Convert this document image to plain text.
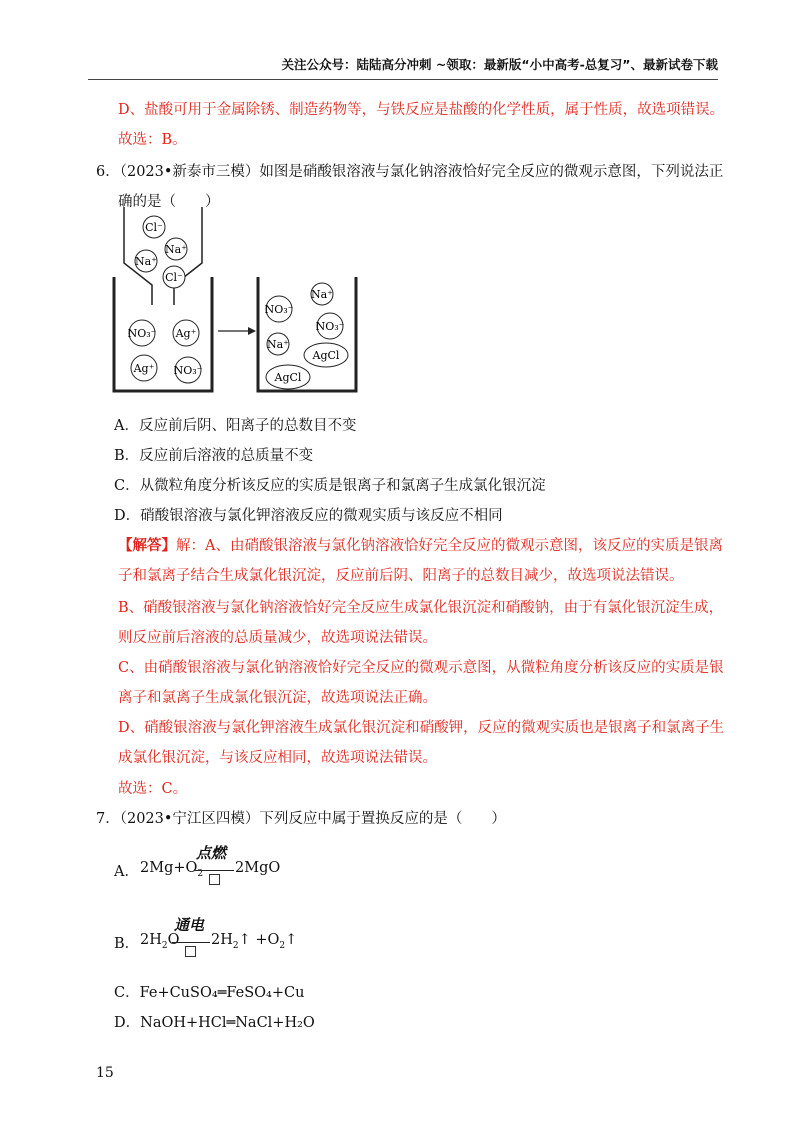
关注公众号：陆陆高分冲刺 ~领取：最新版“小中高考-总复习”、最新试卷下载
D、盐酸可用于金属除锈、制造药物等，与铁反应是盐酸的化学性质，属于性质，故选项错误。
故选：B。
6．（2023•新泰市三模）如图是硝酸银溶液与氯化钠溶液恰好完全反应的微观示意图，下列说法正
确的是（　　）
Cl⁻
Na⁺
Na⁺
Cl⁻
NO₃⁻ Ag⁺
Ag⁺ NO₃⁻
Na⁺
NO₃⁻
NO₃⁻
Na⁺
AgCl
AgCl
A．反应前后阴、阳离子的总数目不变
B．反应前后溶液的总质量不变
C．从微粒角度分析该反应的实质是银离子和氯离子生成氯化银沉淀
D．硝酸银溶液与氯化钾溶液反应的微观实质与该反应不相同
【解答】解：A、由硝酸银溶液与氯化钠溶液恰好完全反应的微观示意图，该反应的实质是银离
子和氯离子结合生成氯化银沉淀，反应前后阴、阳离子的总数目减少，故选项说法错误。
B、硝酸银溶液与氯化钠溶液恰好完全反应生成氯化银沉淀和硝酸钠，由于有氯化银沉淀生成，
则反应前后溶液的总质量减少，故选项说法错误。
C、由硝酸银溶液与氯化钠溶液恰好完全反应的微观示意图，从微粒角度分析该反应的实质是银
离子和氯离子生成氯化银沉淀，故选项说法正确。
D、硝酸银溶液与氯化钾溶液生成氯化银沉淀和硝酸钾，反应的微观实质也是银离子和氯离子生
成氯化银沉淀，与该反应相同，故选项说法错误。
故选：C。
7．（2023•宁江区四模）下列反应中属于置换反应的是（　　）
A． $2Mg+O_2$
点燃
2MgO
B． $2H_2O$
通电
$2H_2↑$ $+O_2↑$
C．Fe+CuSO₄═FeSO₄+Cu
D．NaOH+HCl═NaCl+H₂O
15
